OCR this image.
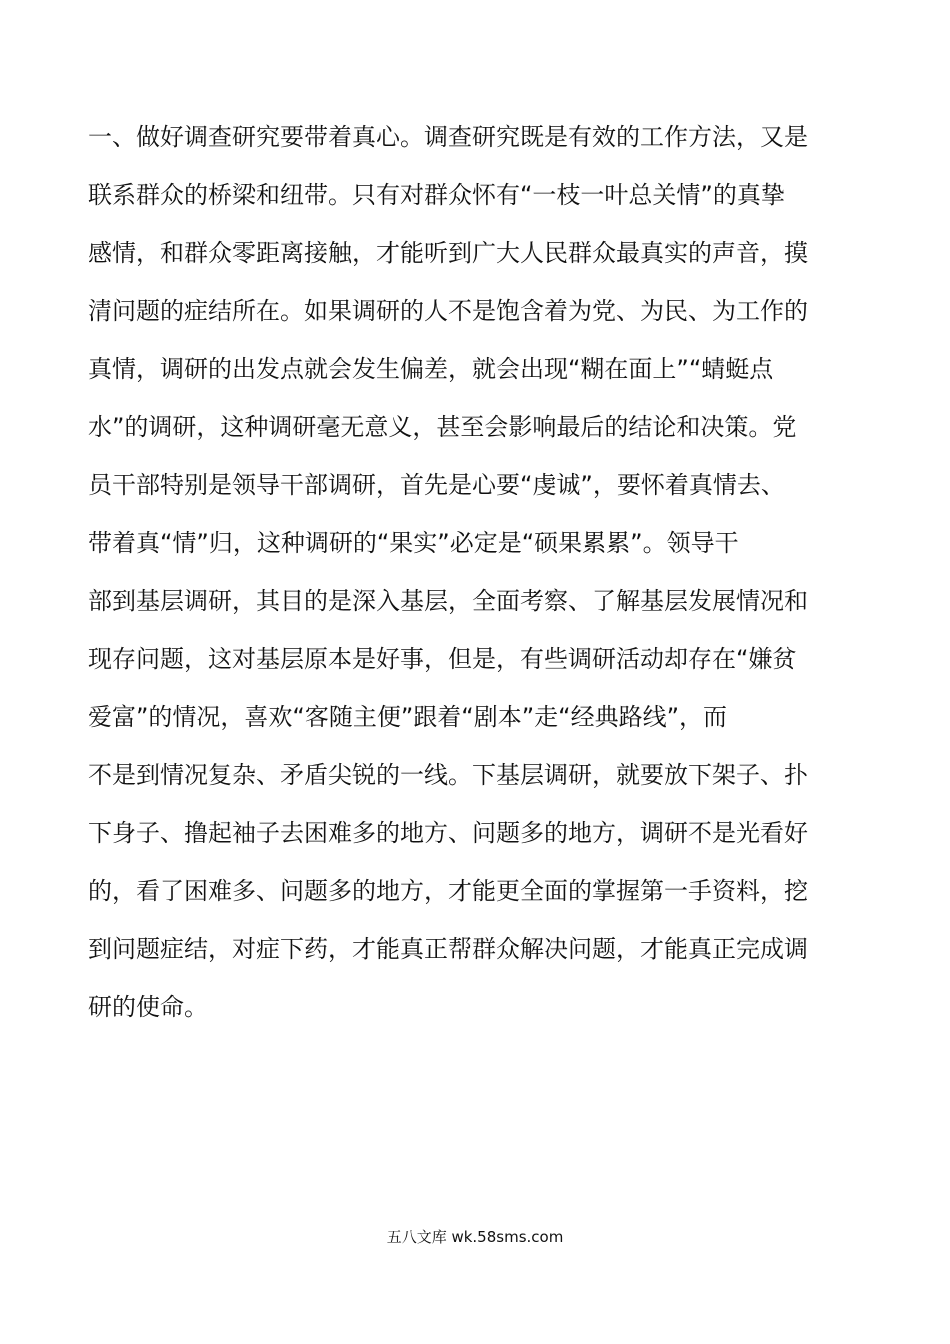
一、做好调查研究要带着真心。调查研究既是有效的工作方法，又是
联系群众的桥梁和纽带。只有对群众怀有“一枝一叶总关情”的真挚
感情，和群众零距离接触，才能听到广大人民群众最真实的声音，摸
清问题的症结所在。如果调研的人不是饱含着为党、为民、为工作的
真情，调研的出发点就会发生偏差，就会出现“糊在面上”“蜻蜓点
水”的调研，这种调研毫无意义，甚至会影响最后的结论和决策。党
员干部特别是领导干部调研，首先是心要“虔诚”，要怀着真情去、
带着真“情”归，这种调研的“果实”必定是“硕果累累”。领导干
部到基层调研，其目的是深入基层，全面考察、了解基层发展情况和
现存问题，这对基层原本是好事，但是，有些调研活动却存在“嫌贫
爱富”的情况，喜欢“客随主便”跟着“剧本”走“经典路线”，而
不是到情况复杂、矛盾尖锐的一线。下基层调研，就要放下架子、扑
下身子、撸起袖子去困难多的地方、问题多的地方，调研不是光看好
的，看了困难多、问题多的地方，才能更全面的掌握第一手资料，挖
到问题症结，对症下药，才能真正帮群众解决问题，才能真正完成调
研的使命。
五八文库 wk.58sms.com
